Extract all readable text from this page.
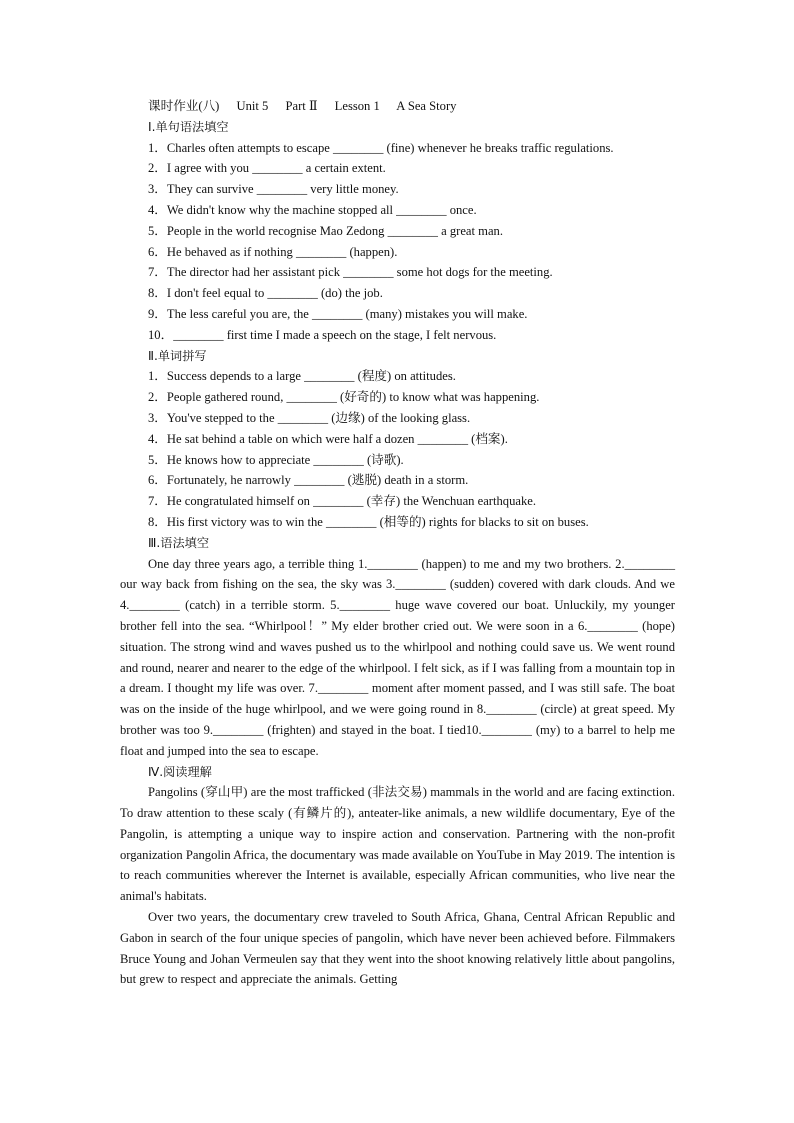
课时作业(八) Unit 5 Part Ⅱ Lesson 1 A Sea Story
Ⅰ.单句语法填空
1．Charles often attempts to escape ________ (fine) whenever he breaks traffic regulations.
2．I agree with you ________ a certain extent.
3．They can survive ________ very little money.
4．We didn't know why the machine stopped all ________ once.
5．People in the world recognise Mao Zedong ________ a great man.
6．He behaved as if nothing ________ (happen).
7．The director had her assistant pick ________ some hot dogs for the meeting.
8．I don't feel equal to ________ (do) the job.
9．The less careful you are, the ________ (many) mistakes you will make.
10．________ first time I made a speech on the stage, I felt nervous.
Ⅱ.单词拼写
1．Success depends to a large ________ (程度) on attitudes.
2．People gathered round, ________ (好奇的) to know what was happening.
3．You've stepped to the ________ (边缘) of the looking glass.
4．He sat behind a table on which were half a dozen ________ (档案).
5．He knows how to appreciate ________ (诗歌).
6．Fortunately, he narrowly ________ (逃脱) death in a storm.
7．He congratulated himself on ________ (幸存) the Wenchuan earthquake.
8．His first victory was to win the ________ (相等的) rights for blacks to sit on buses.
Ⅲ.语法填空

One day three years ago, a terrible thing 1.________ (happen) to me and my two brothers. 2.________ our way back from fishing on the sea, the sky was 3.________ (sudden) covered with dark clouds. And we 4.________ (catch) in a terrible storm. 5.________ huge wave covered our boat. Unluckily, my younger brother fell into the sea. “Whirlpool！” My elder brother cried out. We were soon in a 6.________ (hope) situation. The strong wind and waves pushed us to the whirlpool and nothing could save us. We went round and round, nearer and nearer to the edge of the whirlpool. I felt sick, as if I was falling from a mountain top in a dream. I thought my life was over. 7.________ moment after moment passed, and I was still safe. The boat was on the inside of the huge whirlpool, and we were going round in 8.________ (circle) at great speed. My brother was too 9.________ (frighten) and stayed in the boat. I tied10.________ (my) to a barrel to help me float and jumped into the sea to escape.

Ⅳ.阅读理解

Pangolins (穿山甲) are the most trafficked (非法交易) mammals in the world and are facing extinction. To draw attention to these scaly (有鳞片的), anteater-like animals, a new wildlife documentary, Eye of the Pangolin, is attempting a unique way to inspire action and conservation. Partnering with the non-profit organization Pangolin Africa, the documentary was made available on YouTube in May 2019. The intention is to reach communities wherever the Internet is available, especially African communities, who live near the animal's habitats.

Over two years, the documentary crew traveled to South Africa, Ghana, Central African Republic and Gabon in search of the four unique species of pangolin, which have never been achieved before. Filmmakers Bruce Young and Johan Vermeulen say that they went into the shoot knowing relatively little about pangolins, but grew to respect and appreciate the animals. Getting
